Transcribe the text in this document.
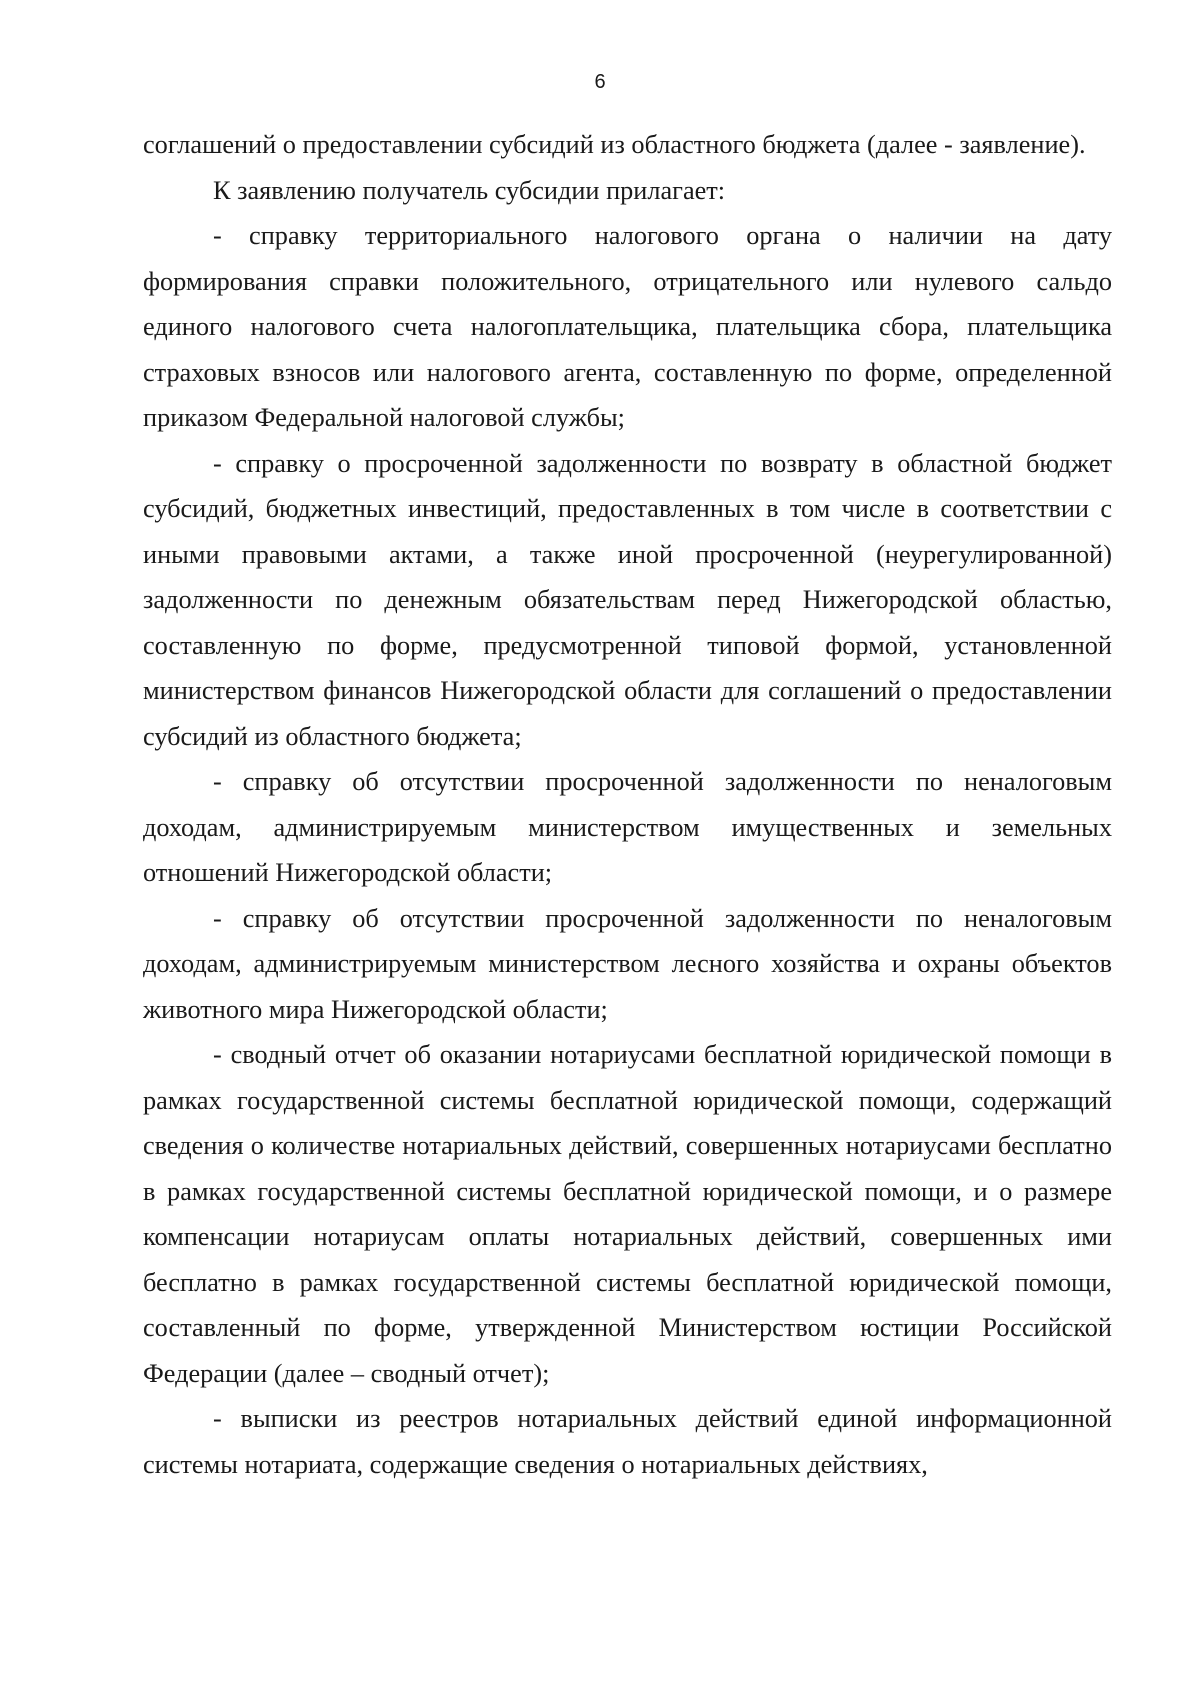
6

соглашений о предоставлении субсидий из областного бюджета (далее - заявление).

К заявлению получатель субсидии прилагает:

- справку территориального налогового органа о наличии на дату формирования справки положительного, отрицательного или нулевого сальдо единого налогового счета налогоплательщика, плательщика сбора, плательщика страховых взносов или налогового агента, составленную по форме, определенной приказом Федеральной налоговой службы;

- справку о просроченной задолженности по возврату в областной бюджет субсидий, бюджетных инвестиций, предоставленных в том числе в соответствии с иными правовыми актами, а также иной просроченной (неурегулированной) задолженности по денежным обязательствам перед Нижегородской областью, составленную по форме, предусмотренной типовой формой, установленной министерством финансов Нижегородской области для соглашений о предоставлении субсидий из областного бюджета;

- справку об отсутствии просроченной задолженности по неналоговым доходам, администрируемым министерством имущественных и земельных отношений Нижегородской области;

- справку об отсутствии просроченной задолженности по неналоговым доходам, администрируемым министерством лесного хозяйства и охраны объектов животного мира Нижегородской области;

- сводный отчет об оказании нотариусами бесплатной юридической помощи в рамках государственной системы бесплатной юридической помощи, содержащий сведения о количестве нотариальных действий, совершенных нотариусами бесплатно в рамках государственной системы бесплатной юридической помощи, и о размере компенсации нотариусам оплаты нотариальных действий, совершенных ими бесплатно в рамках государственной системы бесплатной юридической помощи, составленный по форме, утвержденной Министерством юстиции Российской Федерации (далее – сводный отчет);

- выписки из реестров нотариальных действий единой информационной системы нотариата, содержащие сведения о нотариальных действиях,
